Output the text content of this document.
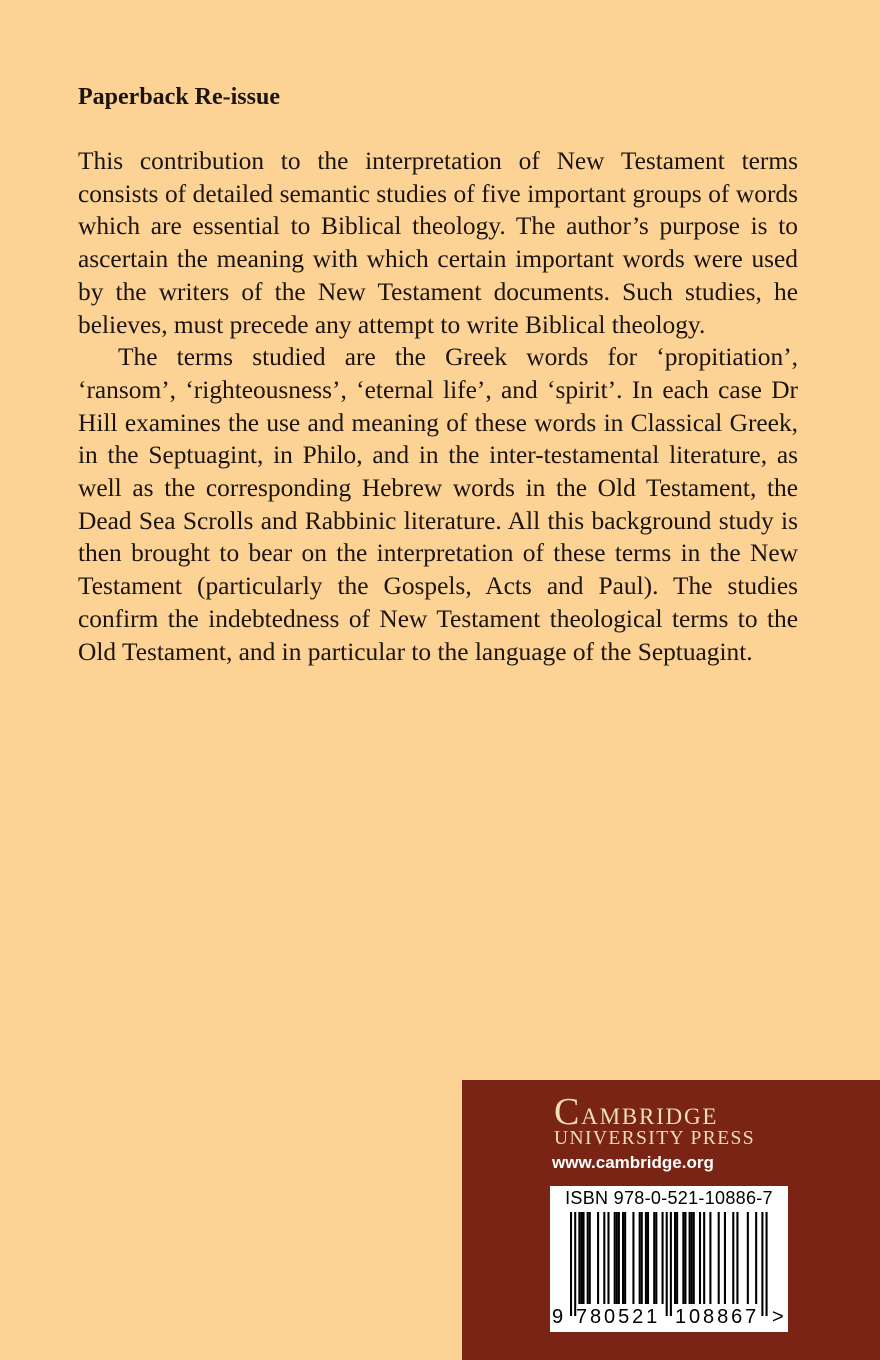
Paperback Re-issue

This contribution to the interpretation of New Testament terms consists of detailed semantic studies of five important groups of words which are essential to Biblical theology. The author’s purpose is to ascertain the meaning with which certain important words were used by the writers of the New Testament documents. Such studies, he believes, must precede any attempt to write Biblical theology.

The terms studied are the Greek words for ‘propitiation’, ‘ransom’, ‘righteousness’, ‘eternal life’, and ‘spirit’. In each case Dr Hill examines the use and meaning of these words in Classical Greek, in the Septuagint, in Philo, and in the inter-testamental literature, as well as the corresponding Hebrew words in the Old Testament, the Dead Sea Scrolls and Rabbinic literature. All this background study is then brought to bear on the interpretation of these terms in the New Testament (particularly the Gospels, Acts and Paul). The studies confirm the indebtedness of New Testament theological terms to the Old Testament, and in particular to the language of the Septuagint.

Cambridge
UNIVERSITY PRESS
www.cambridge.org
ISBN 978-0-521-10886-7
9 780521 108867 >
